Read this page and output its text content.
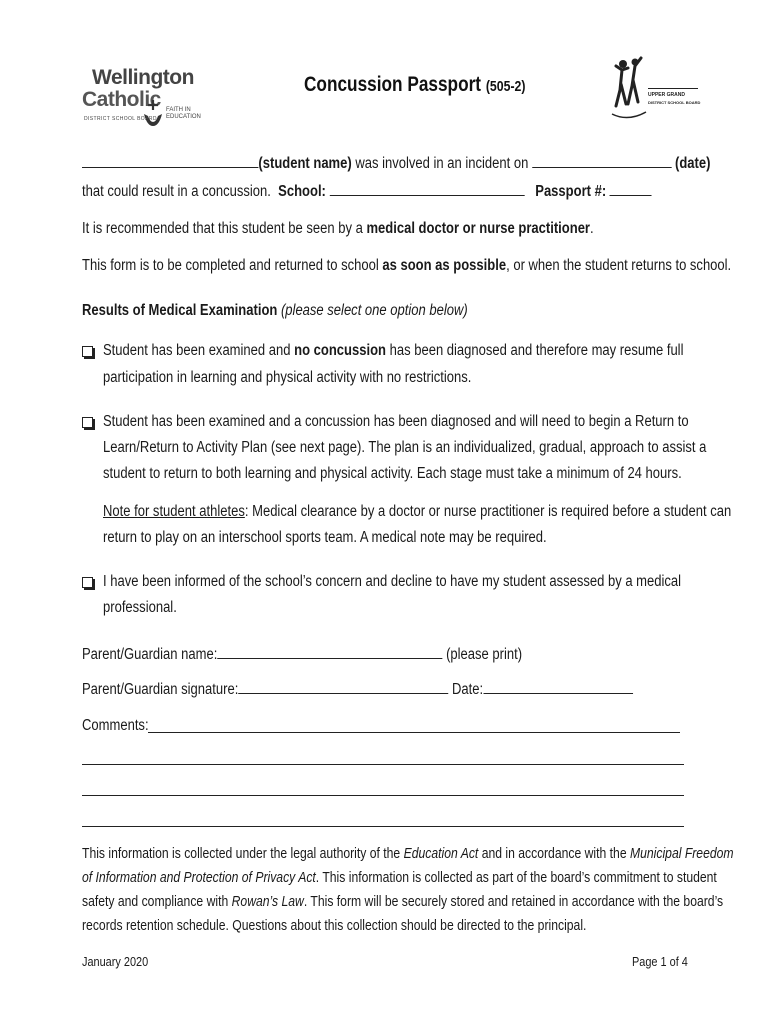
Wellington
Catholic
DISTRICT SCHOOL BOARD
FAITH IN
EDUCATION
Concussion Passport (505-2)	UPPER GRAND
DISTRICT SCHOOL BOARD
(student name) was involved in an incident on	(date)
that could result in a concussion. School:	Passport #:
It is recommended that this student be seen by a medical doctor or nurse practitioner.
This form is to be completed and returned to school as soon as possible, or when the student returns to school.
Results of Medical Examination (please select one option below)
Student has been examined and no concussion has been diagnosed and therefore may resume full
participation in learning and physical activity with no restrictions.
Student has been examined and a concussion has been diagnosed and will need to begin a Return to
Learn/Return to Activity Plan (see next page). The plan is an individualized, gradual, approach to assist a
student to return to both learning and physical activity. Each stage must take a minimum of 24 hours.
Note for student athletes: Medical clearance by a doctor or nurse practitioner is required before a student can
return to play on an interschool sports team. A medical note may be required.
I have been informed of the school’s concern and decline to have my student assessed by a medical
professional.
Parent/Guardian name:	(please print)
Parent/Guardian signature:	Date:
Comments:
This information is collected under the legal authority of the Education Act and in accordance with the Municipal Freedom
of Information and Protection of Privacy Act. This information is collected as part of the board’s commitment to student
safety and compliance with Rowan’s Law. This form will be securely stored and retained in accordance with the board’s
records retention schedule. Questions about this collection should be directed to the principal.
January 2020	Page 1 of 4
